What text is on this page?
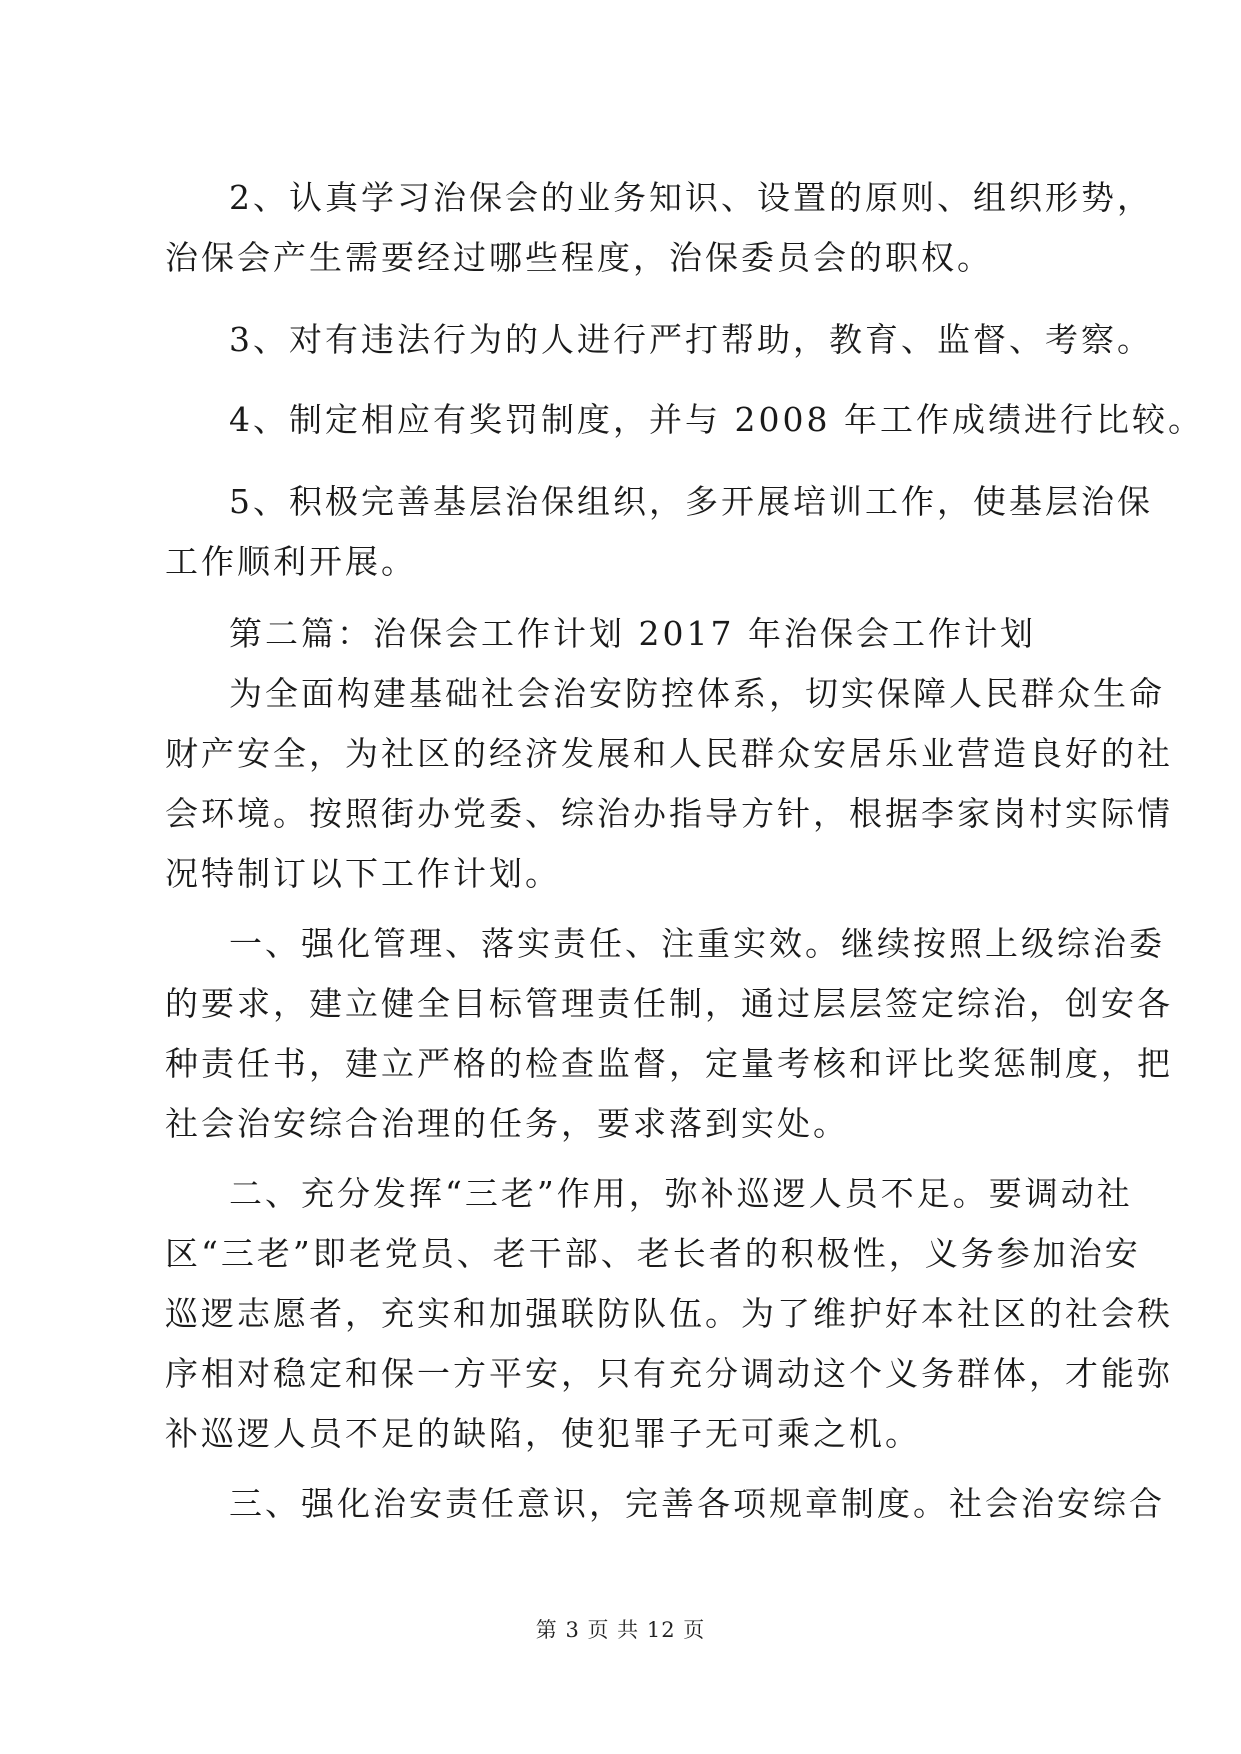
2、认真学习治保会的业务知识、设置的原则、组织形势，
治保会产生需要经过哪些程度，治保委员会的职权。
3、对有违法行为的人进行严打帮助，教育、监督、考察。
4、制定相应有奖罚制度，并与 2008 年工作成绩进行比较。
5、积极完善基层治保组织，多开展培训工作，使基层治保
工作顺利开展。
第二篇：治保会工作计划 2017 年治保会工作计划
为全面构建基础社会治安防控体系，切实保障人民群众生命
财产安全，为社区的经济发展和人民群众安居乐业营造良好的社
会环境。按照街办党委、综治办指导方针，根据李家岗村实际情
况特制订以下工作计划。
一、强化管理、落实责任、注重实效。继续按照上级综治委
的要求，建立健全目标管理责任制，通过层层签定综治，创安各
种责任书，建立严格的检查监督，定量考核和评比奖惩制度，把
社会治安综合治理的任务，要求落到实处。
二、充分发挥“三老”作用，弥补巡逻人员不足。要调动社
区“三老”即老党员、老干部、老长者的积极性，义务参加治安
巡逻志愿者，充实和加强联防队伍。为了维护好本社区的社会秩
序相对稳定和保一方平安，只有充分调动这个义务群体，才能弥
补巡逻人员不足的缺陷，使犯罪子无可乘之机。
三、强化治安责任意识，完善各项规章制度。社会治安综合
第 3 页 共 12 页
